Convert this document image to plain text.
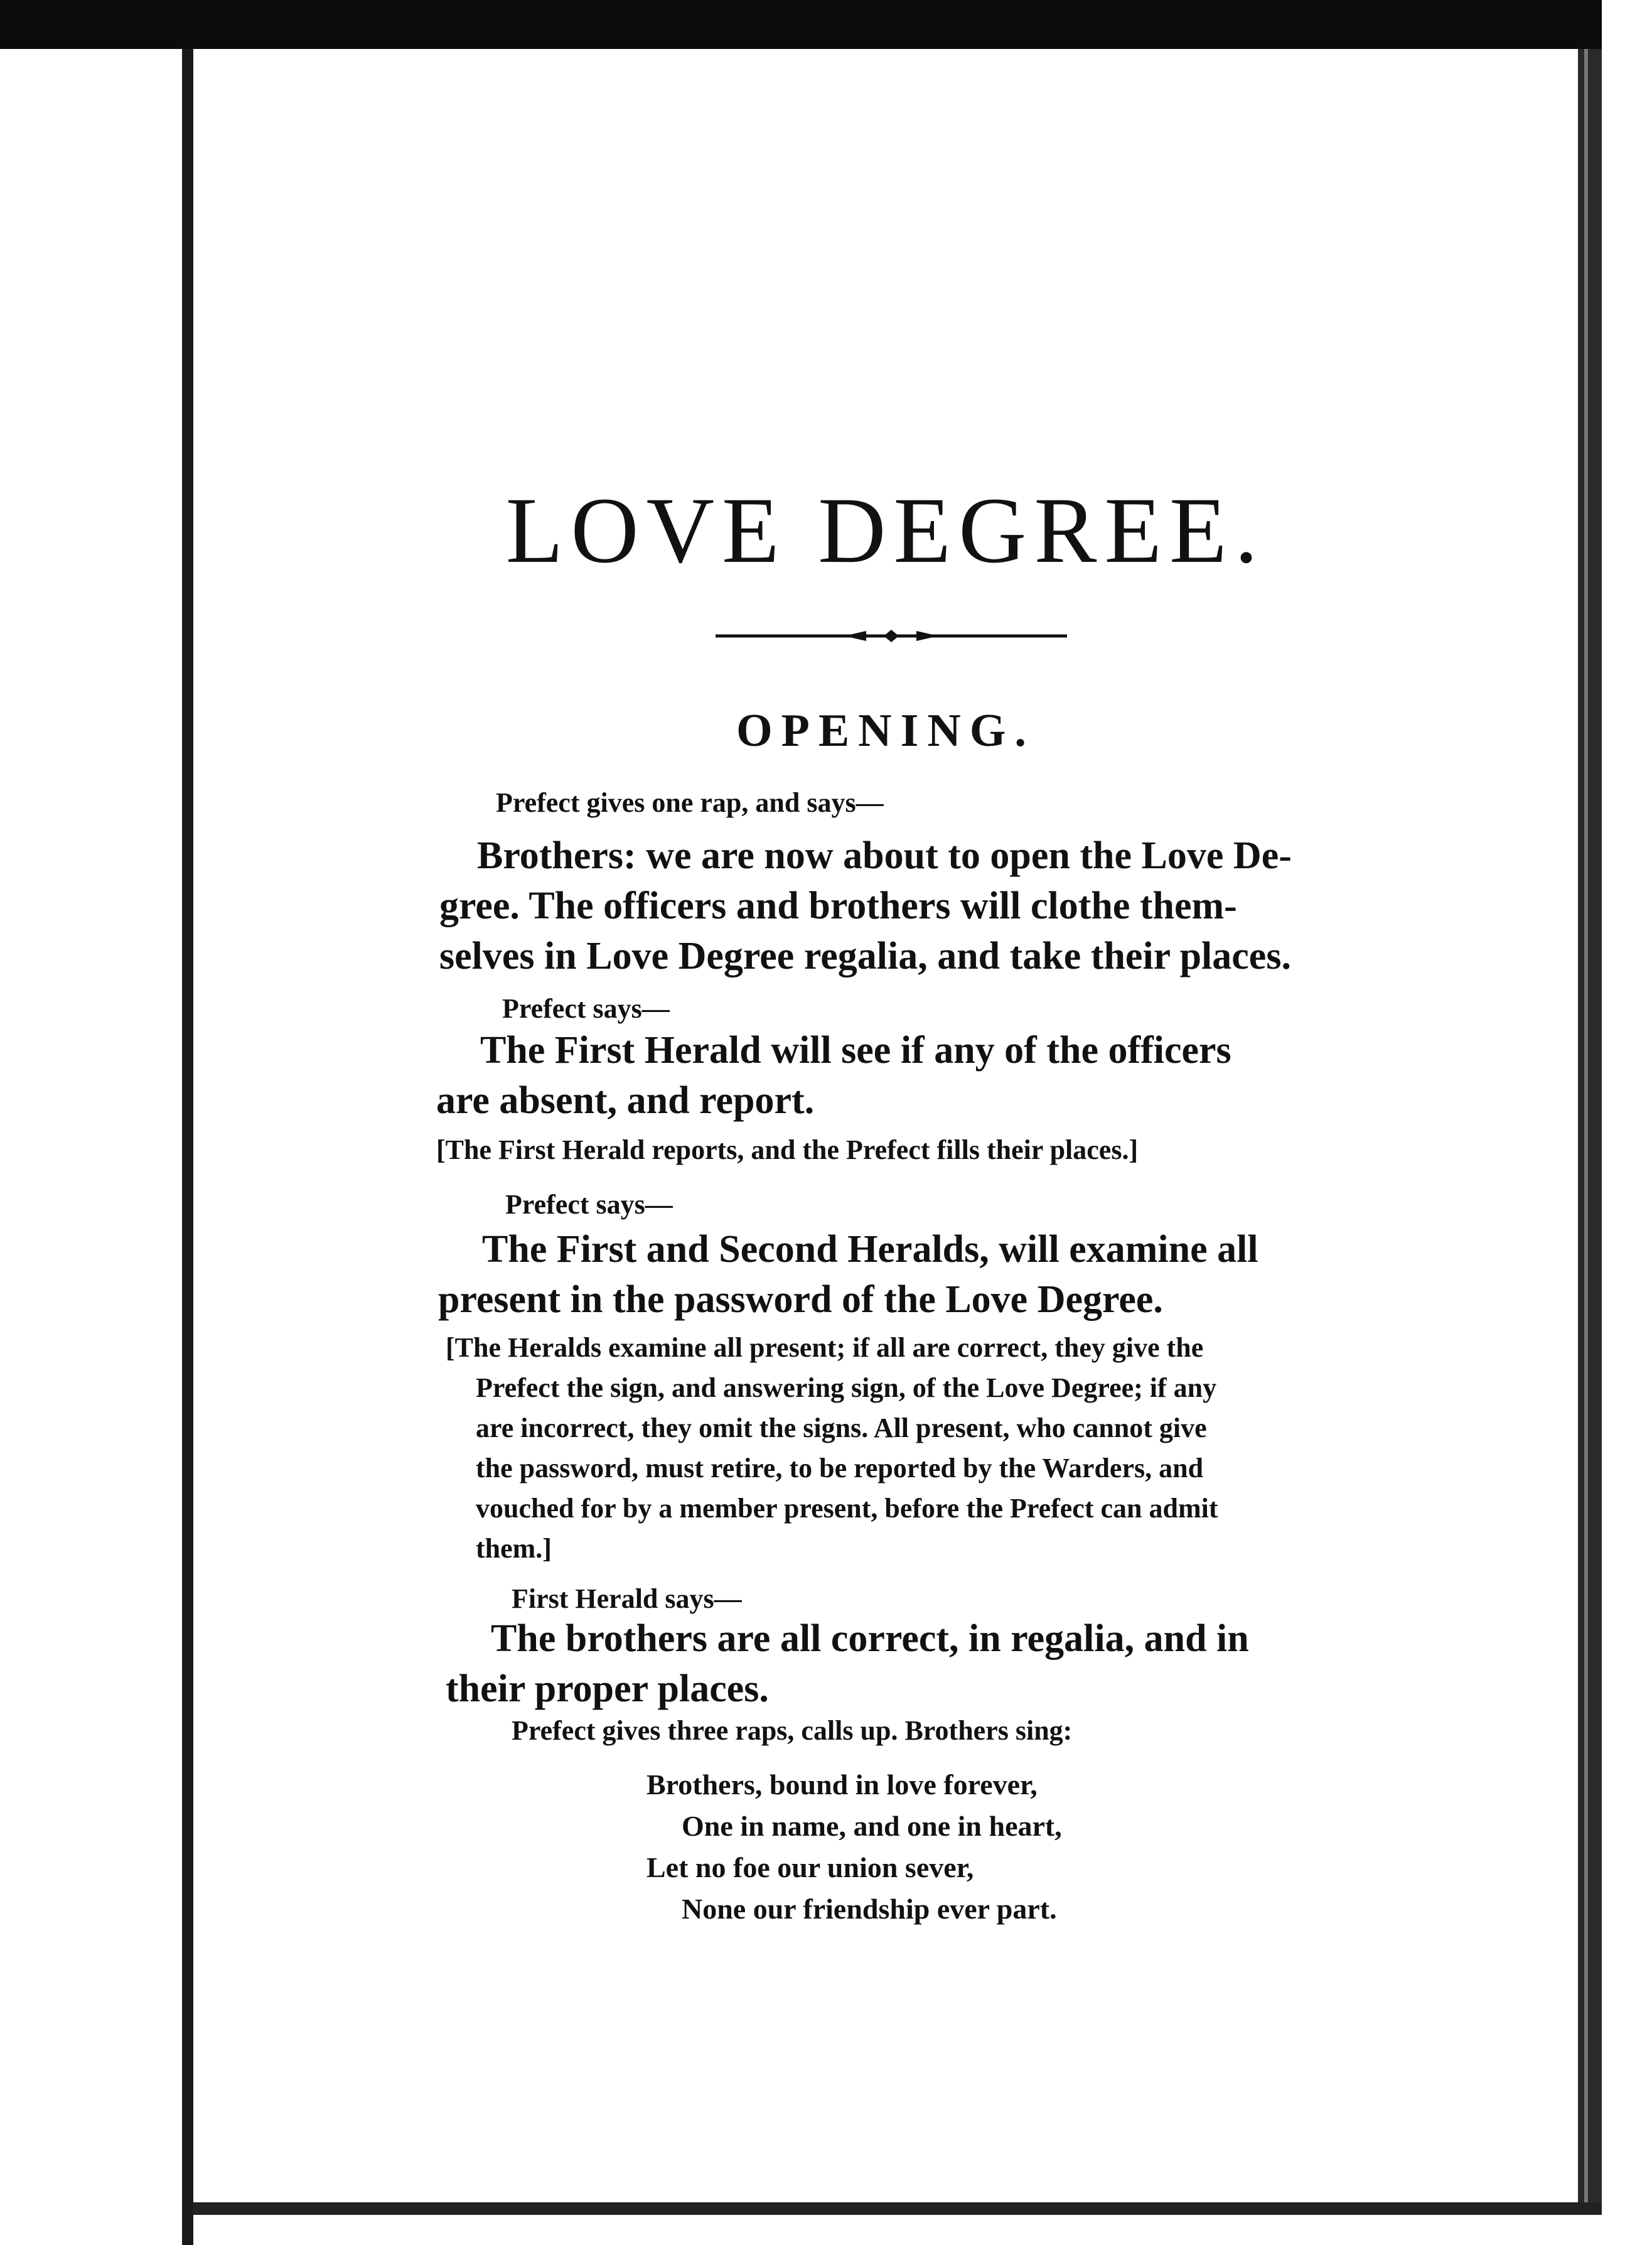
LOVE DEGREE.
OPENING.

Prefect gives one rap, and says—

Brothers: we are now about to open the Love De-
gree. The officers and brothers will clothe them-
selves in Love Degree regalia, and take their places.

Prefect says—

The First Herald will see if any of the officers
are absent, and report.

[The First Herald reports, and the Prefect fills their places.]

Prefect says—

The First and Second Heralds, will examine all
present in the password of the Love Degree.
[The Heralds examine all present; if all are correct, they give the
Prefect the sign, and answering sign, of the Love Degree; if any
are incorrect, they omit the signs. All present, who cannot give
the password, must retire, to be reported by the Warders, and
vouched for by a member present, before the Prefect can admit
them.]

First Herald says—

The brothers are all correct, in regalia, and in
their proper places.

Prefect gives three raps, calls up. Brothers sing:

Brothers, bound in love forever,
One in name, and one in heart,
Let no foe our union sever,
None our friendship ever part.
